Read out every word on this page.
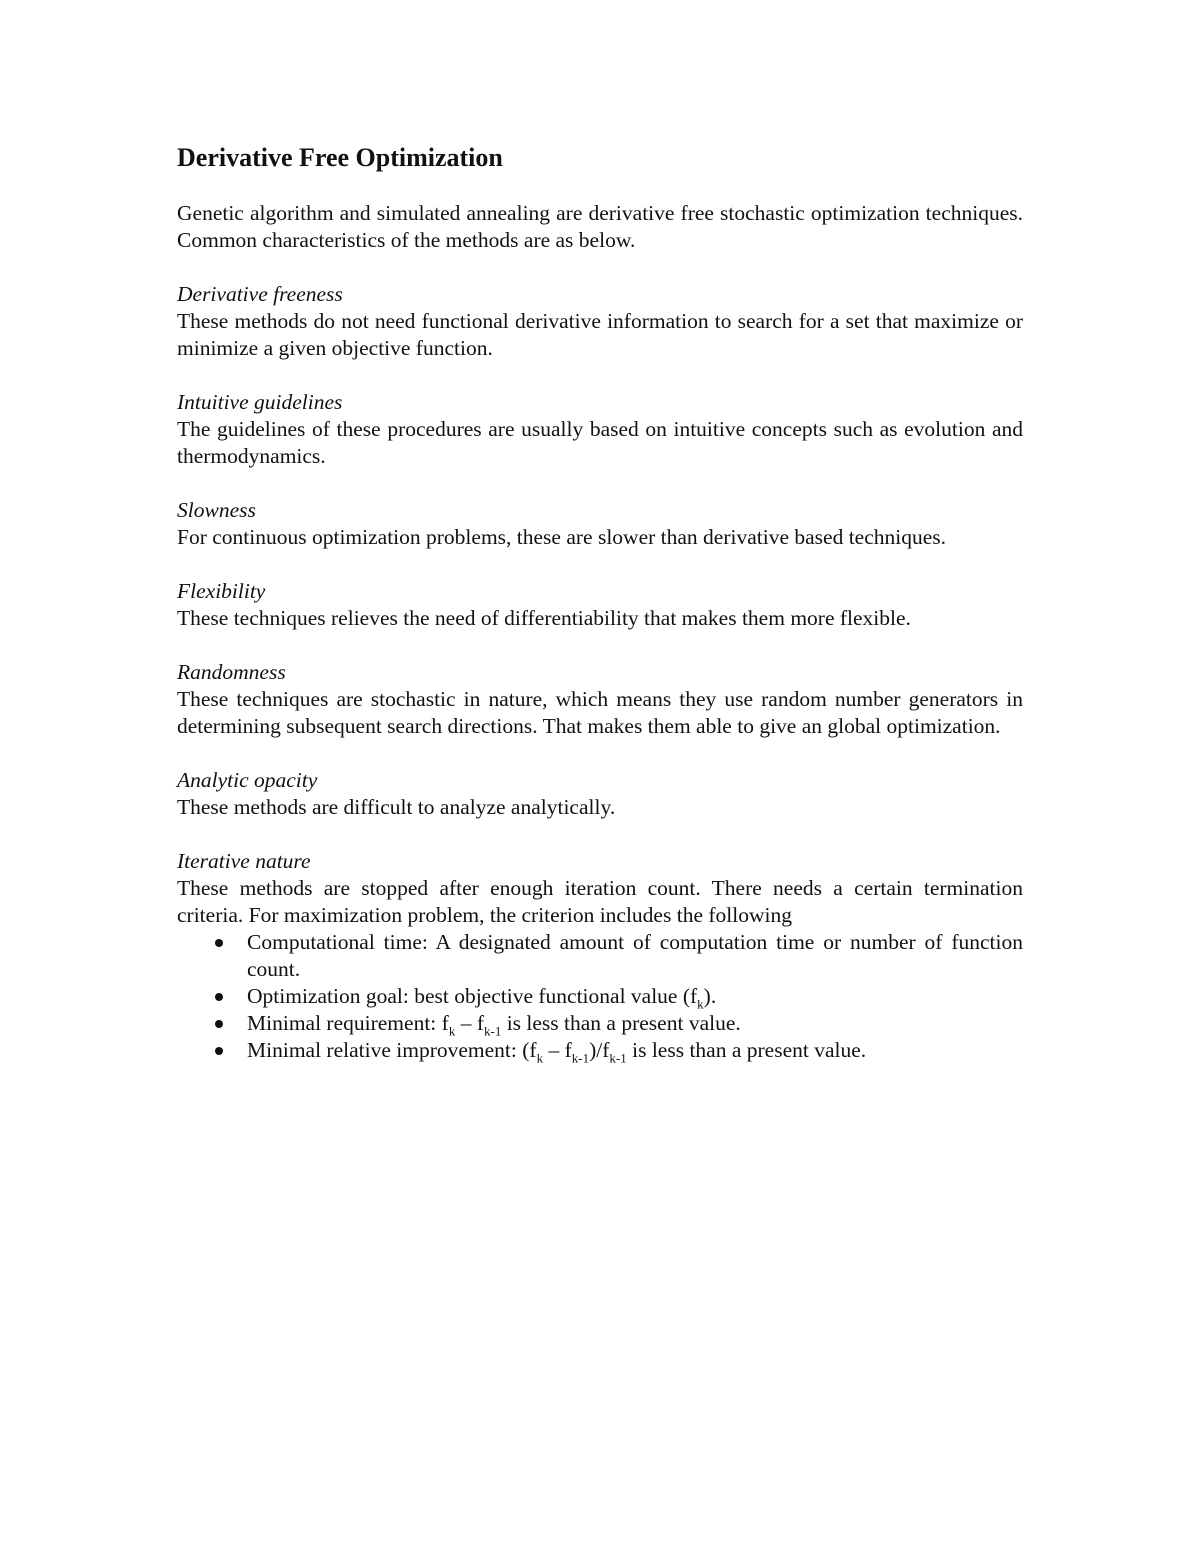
Derivative Free Optimization

Genetic algorithm and simulated annealing are derivative free stochastic optimization techniques. Common characteristics of the methods are as below.

Derivative freeness

These methods do not need functional derivative information to search for a set that maximize or minimize a given objective function.

Intuitive guidelines

The guidelines of these procedures are usually based on intuitive concepts such as evolution and thermodynamics.

Slowness

For continuous optimization problems, these are slower than derivative based techniques.

Flexibility

These techniques relieves the need of differentiability that makes them more flexible.

Randomness

These techniques are stochastic in nature, which means they use random number generators in determining subsequent search directions. That makes them able to give an global optimization.

Analytic opacity

These methods are difficult to analyze analytically.

Iterative nature

These methods are stopped after enough iteration count. There needs a certain termination criteria. For maximization problem, the criterion includes the following

Computational time: A designated amount of computation time or number of function count.
Optimization goal: best objective functional value $(f_k)$.
Minimal requirement: $f_k - f_{k-1}$ is less than a present value.
Minimal relative improvement: $(f_k - f_{k-1})/f_{k-1}$ is less than a present value.
